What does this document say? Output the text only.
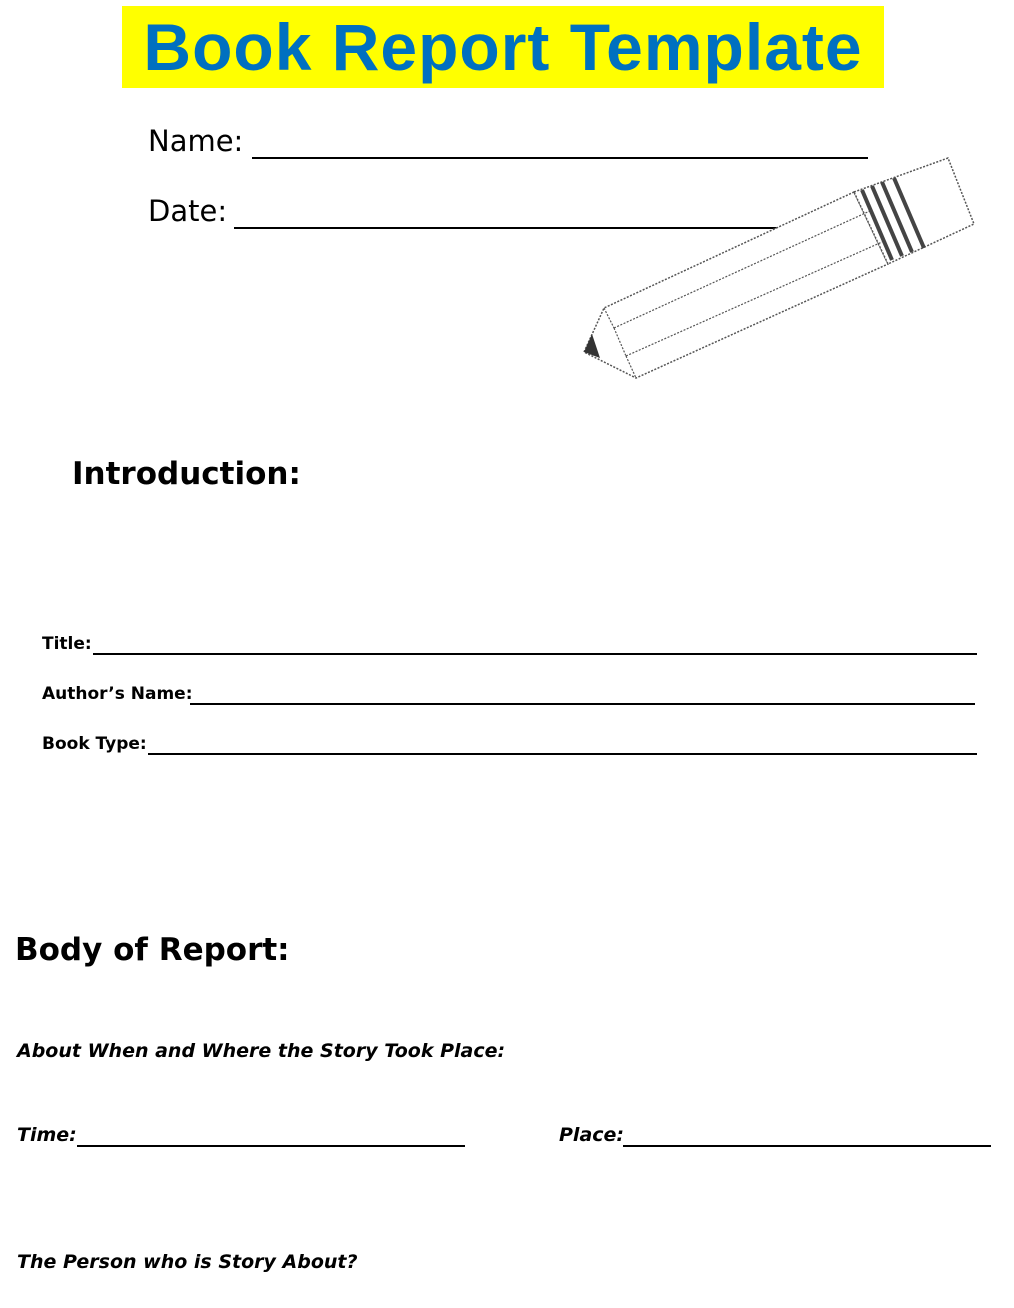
Book Report Template
Name:
Date:
Introduction:
Title:
Author’s Name:
Book Type:
Body of Report:
About When and Where the Story Took Place:
Time:	Place:
The Person who is Story About?
